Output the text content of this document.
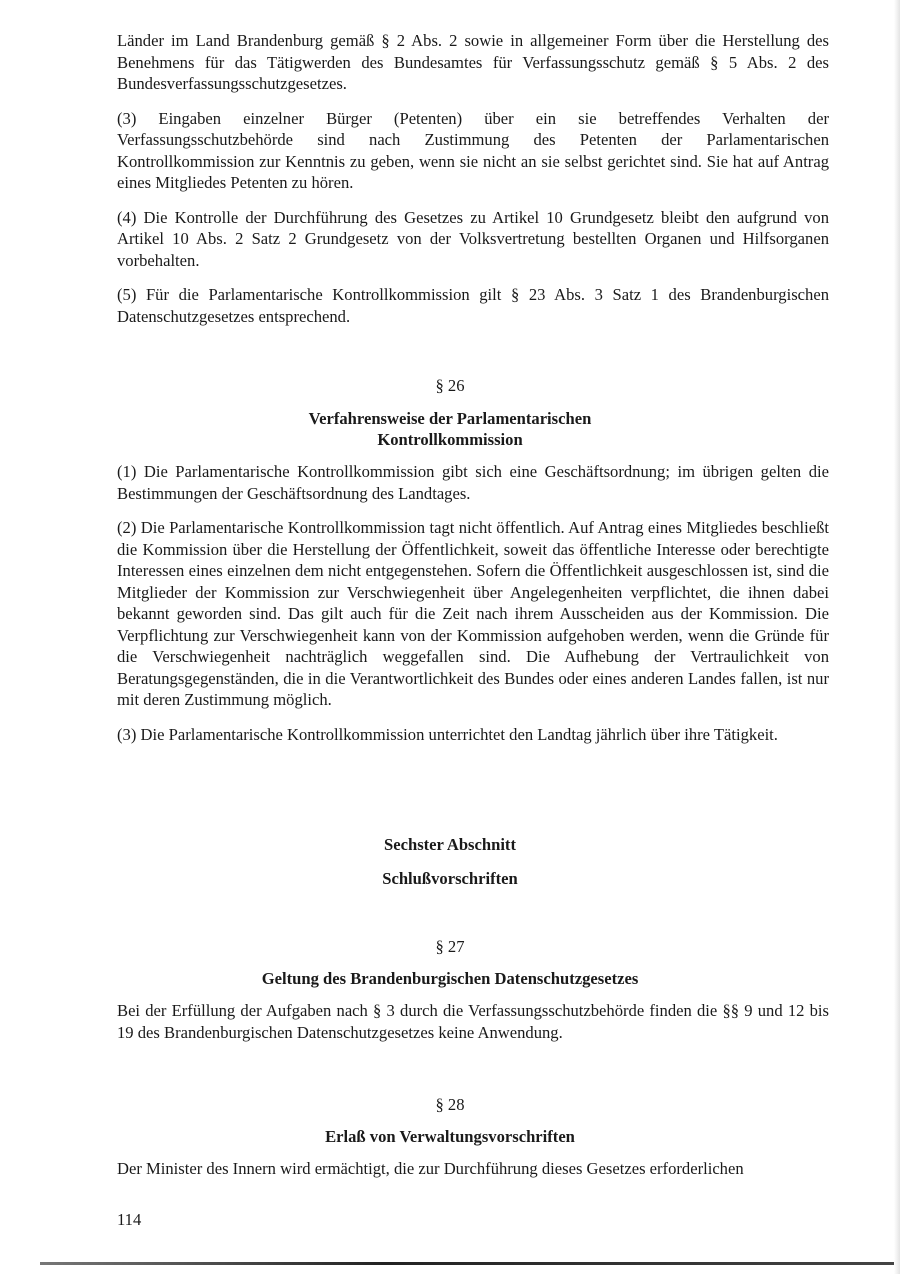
Länder im Land Brandenburg gemäß § 2 Abs. 2 sowie in allgemeiner Form über die Herstellung des Benehmens für das Tätigwerden des Bundesamtes für Verfassungsschutz gemäß § 5 Abs. 2 des Bundesverfassungsschutzgesetzes.

(3) Eingaben einzelner Bürger (Petenten) über ein sie betreffendes Verhalten der Verfassungsschutzbehörde sind nach Zustimmung des Petenten der Parlamentarischen Kontrollkommission zur Kenntnis zu geben, wenn sie nicht an sie selbst gerichtet sind. Sie hat auf Antrag eines Mitgliedes Petenten zu hören.

(4) Die Kontrolle der Durchführung des Gesetzes zu Artikel 10 Grundgesetz bleibt den aufgrund von Artikel 10 Abs. 2 Satz 2 Grundgesetz von der Volksvertretung bestellten Organen und Hilfsorganen vorbehalten.

(5) Für die Parlamentarische Kontrollkommission gilt § 23 Abs. 3 Satz 1 des Brandenburgischen Datenschutzgesetzes entsprechend.

§ 26
Verfahrensweise der Parlamentarischen
Kontrollkommission

(1) Die Parlamentarische Kontrollkommission gibt sich eine Geschäftsordnung; im übrigen gelten die Bestimmungen der Geschäftsordnung des Landtages.

(2) Die Parlamentarische Kontrollkommission tagt nicht öffentlich. Auf Antrag eines Mitgliedes beschließt die Kommission über die Herstellung der Öffentlichkeit, soweit das öffentliche Interesse oder berechtigte Interessen eines einzelnen dem nicht entgegenstehen. Sofern die Öffentlichkeit ausgeschlossen ist, sind die Mitglieder der Kommission zur Verschwiegenheit über Angelegenheiten verpflichtet, die ihnen dabei bekannt geworden sind. Das gilt auch für die Zeit nach ihrem Ausscheiden aus der Kommission. Die Verpflichtung zur Verschwiegenheit kann von der Kommission aufgehoben werden, wenn die Gründe für die Verschwiegenheit nachträglich weggefallen sind. Die Aufhebung der Vertraulichkeit von Beratungsgegenständen, die in die Verantwortlichkeit des Bundes oder eines anderen Landes fallen, ist nur mit deren Zustimmung möglich.

(3) Die Parlamentarische Kontrollkommission unterrichtet den Landtag jährlich über ihre Tätigkeit.

Sechster Abschnitt
Schlußvorschriften
§ 27
Geltung des Brandenburgischen Datenschutzgesetzes
Bei der Erfüllung der Aufgaben nach § 3 durch die Verfassungsschutzbehörde finden die §§ 9 und 12 bis 19 des Brandenburgischen Datenschutzgesetzes keine Anwendung.
§ 28
Erlaß von Verwaltungsvorschriften
Der Minister des Innern wird ermächtigt, die zur Durchführung dieses Gesetzes erforderlichen
114
